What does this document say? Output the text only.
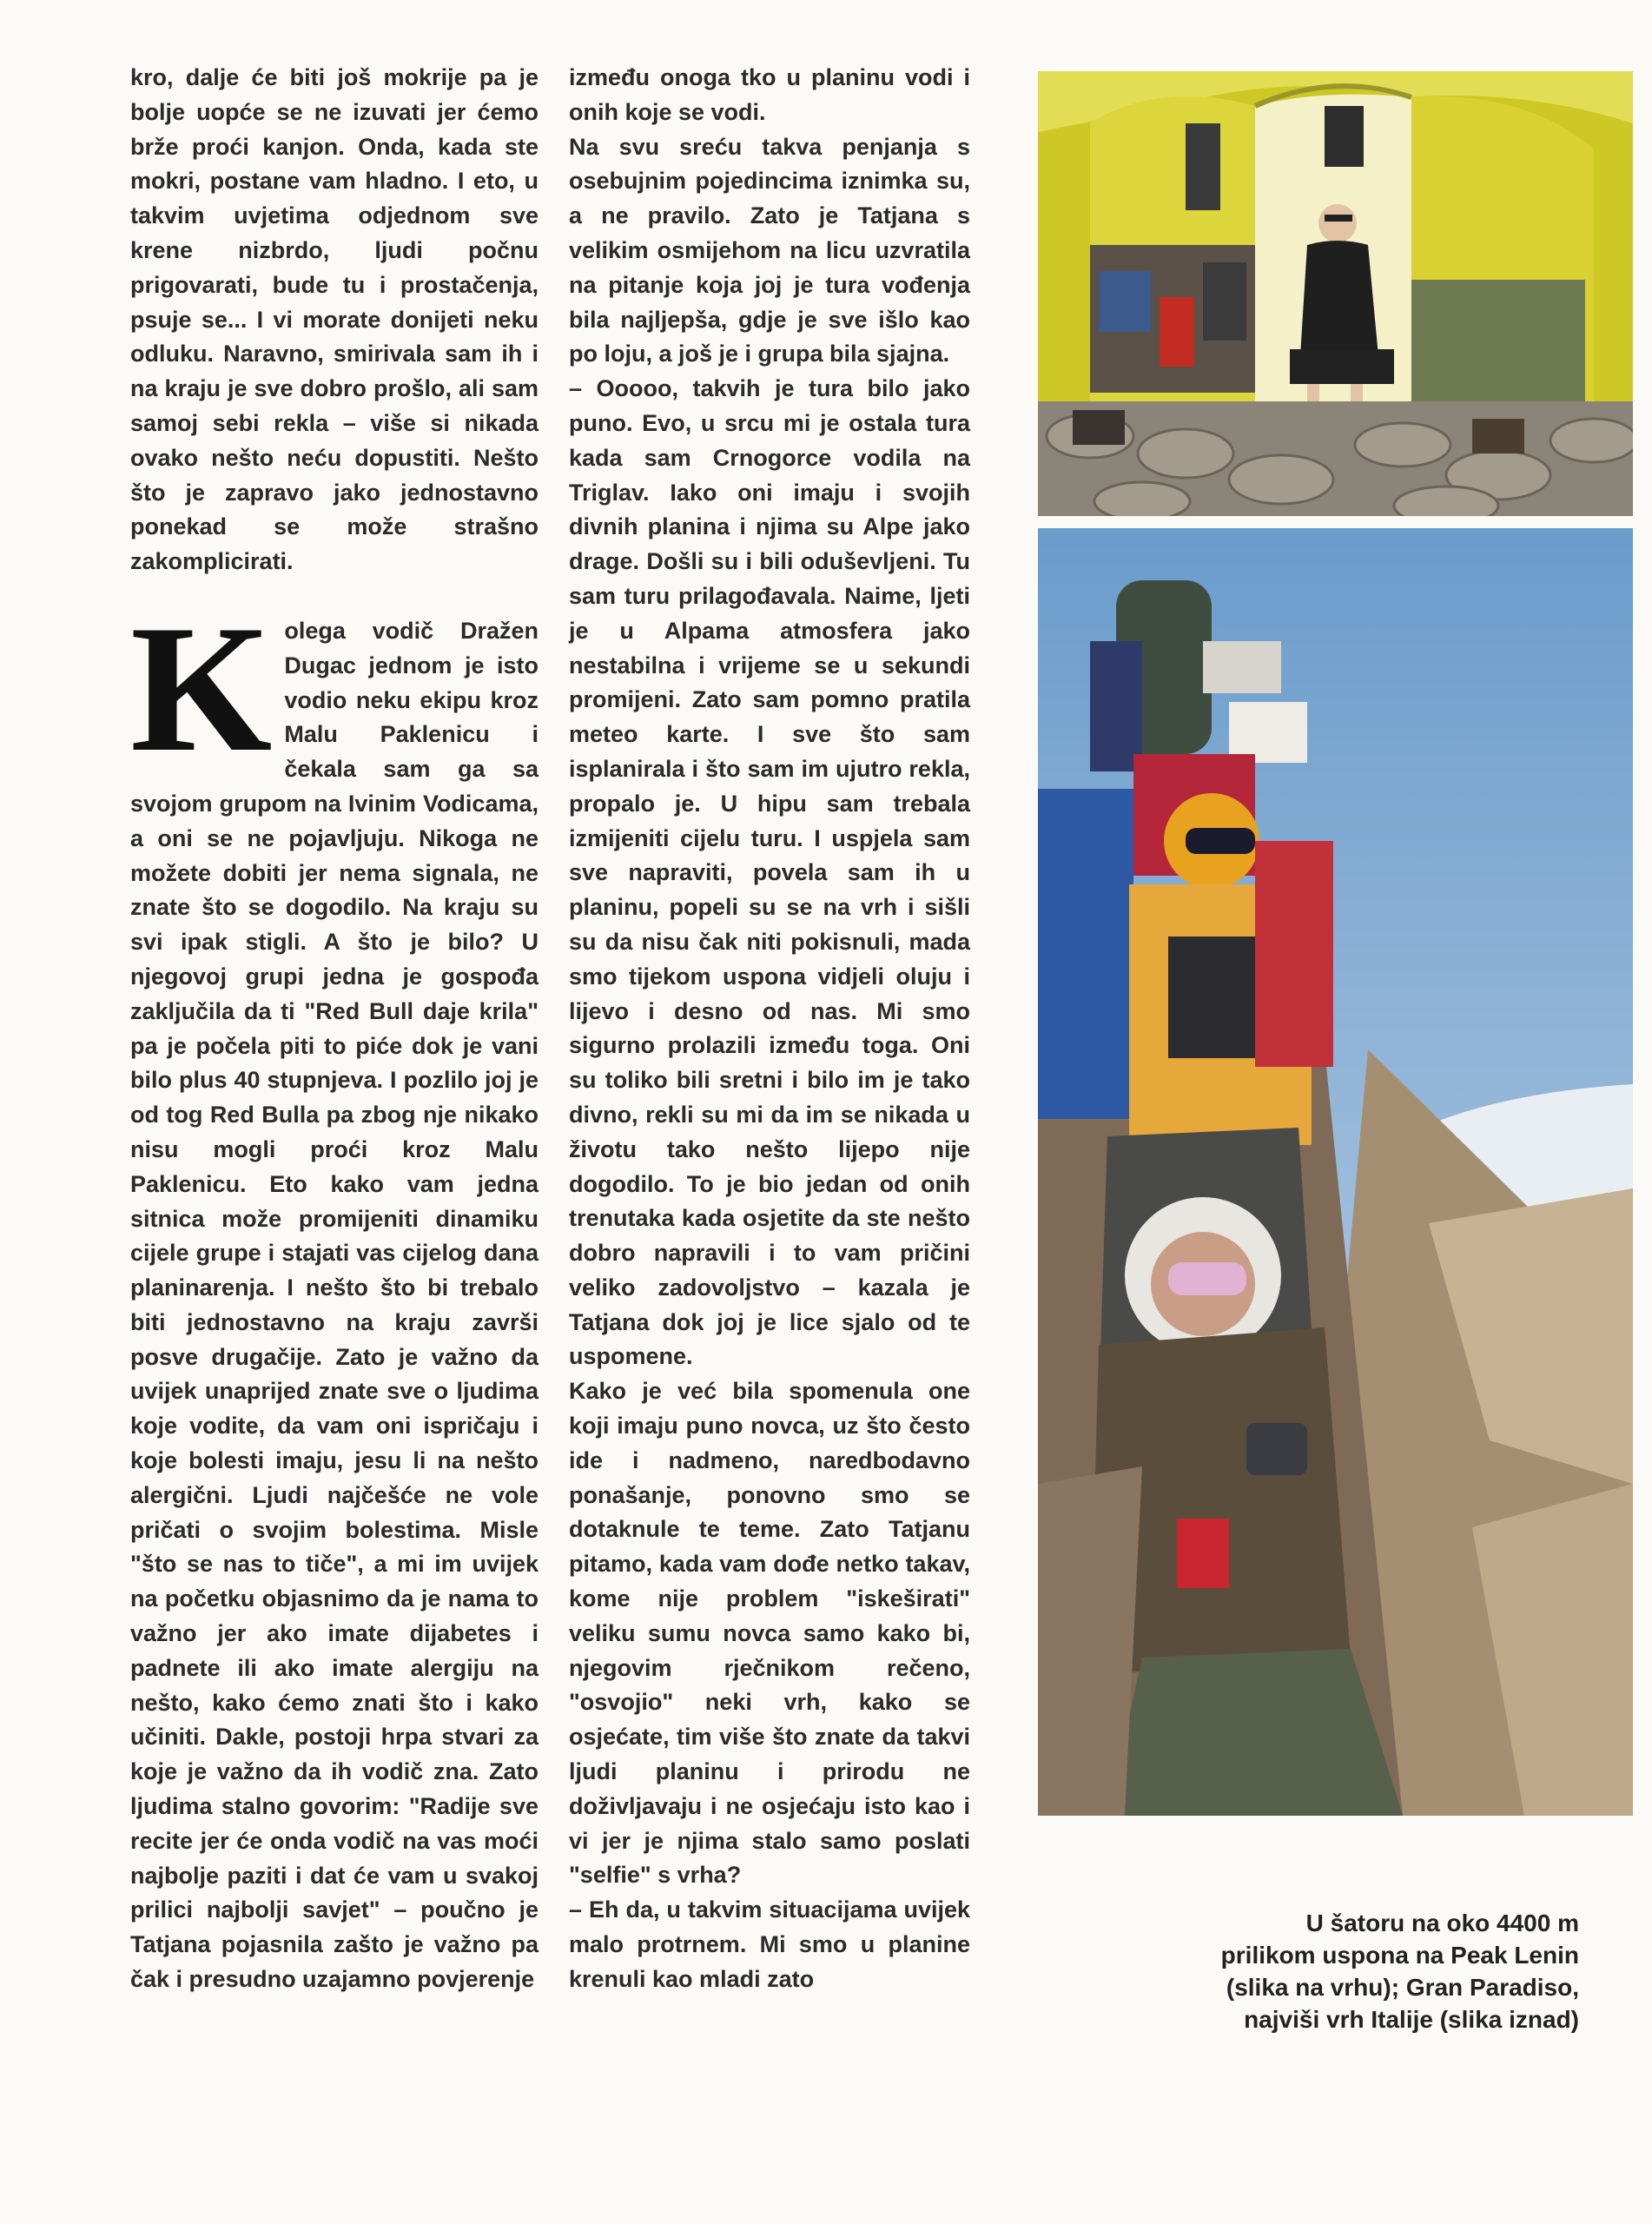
kro, dalje će biti još mokrije pa je bolje uopće se ne izuvati jer ćemo brže proći kanjon. Onda, kada ste mokri, postane vam hladno. I eto, u takvim uvjetima odjednom sve krene nizbrdo, ljudi počnu prigovarati, bude tu i prostačenja, psuje se... I vi morate donijeti neku odluku. Naravno, smirivala sam ih i na kraju je sve dobro prošlo, ali sam samoj sebi rekla – više si nikada ovako nešto neću dopustiti. Nešto što je zapravo jako jednostavno ponekad se može strašno zakomplicirati.

Kolega vodič Dražen Dugac jednom je isto vodio neku ekipu kroz Malu Paklenicu i čekala sam ga sa svojom grupom na Ivinim Vodicama, a oni se ne pojavljuju. Nikoga ne možete dobiti jer nema signala, ne znate što se dogodilo. Na kraju su svi ipak stigli. A što je bilo? U njegovoj grupi jedna je gospođa zaključila da ti "Red Bull daje krila" pa je počela piti to piće dok je vani bilo plus 40 stupnjeva. I pozlilo joj je od tog Red Bulla pa zbog nje nikako nisu mogli proći kroz Malu Paklenicu. Eto kako vam jedna sitnica može promijeniti dinamiku cijele grupe i stajati vas cijelog dana planinarenja. I nešto što bi trebalo biti jednostavno na kraju završi posve drugačije. Zato je važno da uvijek unaprijed znate sve o ljudima koje vodite, da vam oni ispričaju i koje bolesti imaju, jesu li na nešto alergični. Ljudi najčešće ne vole pričati o svojim bolestima. Misle "što se nas to tiče", a mi im uvijek na početku objasnimo da je nama to važno jer ako imate dijabetes i padnete ili ako imate alergiju na nešto, kako ćemo znati što i kako učiniti. Dakle, postoji hrpa stvari za koje je važno da ih vodič zna. Zato ljudima stalno govorim: "Radije sve recite jer će onda vodič na vas moći najbolje paziti i dat će vam u svakoj prilici najbolji savjet" – poučno je Tatjana pojasnila zašto je važno pa čak i presudno uzajamno povjerenje

između onoga tko u planinu vodi i onih koje se vodi.

Na svu sreću takva penjanja s osebujnim pojedincima iznimka su, a ne pravilo. Zato je Tatjana s velikim osmijehom na licu uzvratila na pitanje koja joj je tura vođenja bila najljepša, gdje je sve išlo kao po loju, a još je i grupa bila sjajna.

– Ooooo, takvih je tura bilo jako puno. Evo, u srcu mi je ostala tura kada sam Crnogorce vodila na Triglav. Iako oni imaju i svojih divnih planina i njima su Alpe jako drage. Došli su i bili oduševljeni. Tu sam turu prilagođavala. Naime, ljeti je u Alpama atmosfera jako nestabilna i vrijeme se u sekundi promijeni. Zato sam pomno pratila meteo karte. I sve što sam isplanirala i što sam im ujutro rekla, propalo je. U hipu sam trebala izmijeniti cijelu turu. I uspjela sam sve napraviti, povela sam ih u planinu, popeli su se na vrh i sišli su da nisu čak niti pokisnuli, mada smo tijekom uspona vidjeli oluju i lijevo i desno od nas. Mi smo sigurno prolazili između toga. Oni su toliko bili sretni i bilo im je tako divno, rekli su mi da im se nikada u životu tako nešto lijepo nije dogodilo. To je bio jedan od onih trenutaka kada osjetite da ste nešto dobro napravili i to vam pričini veliko zadovoljstvo – kazala je Tatjana dok joj je lice sjalo od te uspomene.

Kako je već bila spomenula one koji imaju puno novca, uz što često ide i nadmeno, naredbodavno ponašanje, ponovno smo se dotaknule te teme. Zato Tatjanu pitamo, kada vam dođe netko takav, kome nije problem "iskeširati" veliku sumu novca samo kako bi, njegovim rječnikom rečeno, "osvojio" neki vrh, kako se osjećate, tim više što znate da takvi ljudi planinu i prirodu ne doživljavaju i ne osjećaju isto kao i vi jer je njima stalo samo poslati "selfie" s vrha?

– Eh da, u takvim situacijama uvijek malo protrnem. Mi smo u planine krenuli kao mladi zato

U šatoru na oko 4400 m
prilikom uspona na Peak Lenin
(slika na vrhu); Gran Paradiso,
najviši vrh Italije (slika iznad)
